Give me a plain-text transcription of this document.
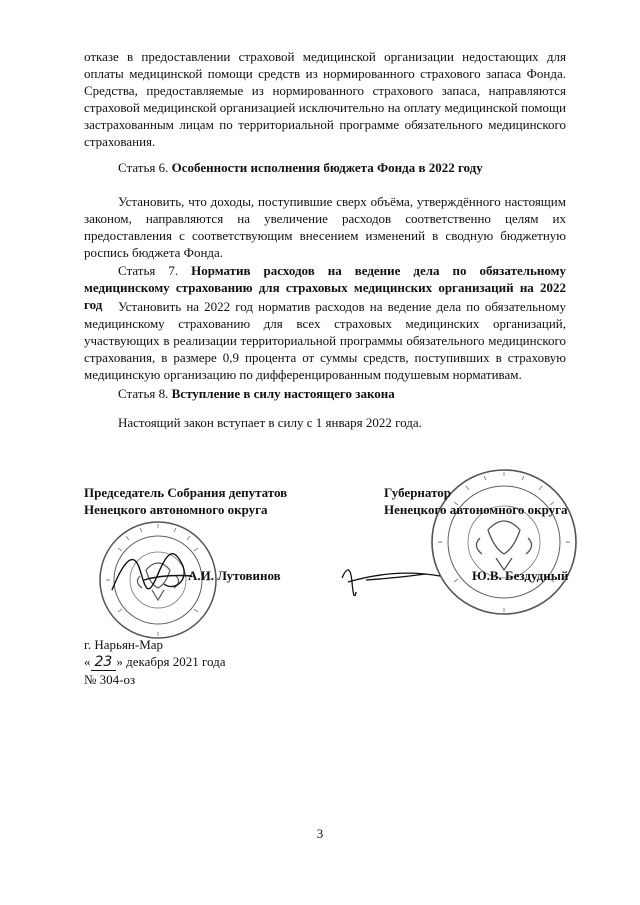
отказе в предоставлении страховой медицинской организации недостающих для оплаты медицинской помощи средств из нормированного страхового запаса Фонда. Средства, предоставляемые из нормированного страхового запаса, направляются страховой медицинской организацией исключительно на оплату медицинской помощи застрахованным лицам по территориальной программе обязательного медицинского страхования.

Статья 6. Особенности исполнения бюджета Фонда в 2022 году

Установить, что доходы, поступившие сверх объёма, утверждённого настоящим законом, направляются на увеличение расходов соответственно целям их предоставления с соответствующим внесением изменений в сводную бюджетную роспись бюджета Фонда.

Статья 7. Норматив расходов на ведение дела по обязательному медицинскому страхованию для страховых медицинских организаций на 2022 год	Установить на 2022 год норматив расходов на ведение дела по обязательному медицинскому страхованию для всех страховых медицинских организаций, участвующих в реализации территориальной программы обязательного медицинского страхования, в размере 0,9 процента от суммы средств, поступивших в страховую медицинскую организацию по дифференцированным подушевым нормативам.

Статья 8. Вступление в силу настоящего закона

Настоящий закон вступает в силу с 1 января 2022 года.

Председатель Собрания депутатов
Ненецкого автономного округа
А.И. Лутовинов
Губернатор
Ненецкого автономного округа
Ю.В. Бездудный
г. Нарьян-Мар
« 23 » декабря 2021 года
№ 304-оз
3
